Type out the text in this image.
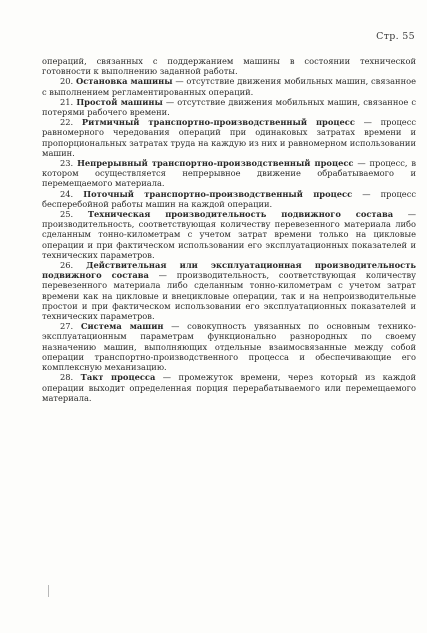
Стр. 55

операций, связанных с поддержанием машины в состоянии технической готовности к выполнению заданной работы.

20. Остановка машины — отсутствие движения мобильных машин, связанное с выполнением регламентированных операций.

21. Простой машины — отсутствие движения мобильных машин, связанное с потерями рабочего времени.

22. Ритмичный транспортно-производственный процесс — процесс равномерного чередования операций при одинаковых затратах времени и пропорциональных затратах труда на каждую из них и равномерном использовании машин.

23. Непрерывный транспортно-производственный процесс — процесс, в котором осуществляется непрерывное движение обрабатываемого и перемещаемого материала.

24. Поточный транспортно-производственный процесс — процесс бесперебойной работы машин на каждой операции.

25. Техническая производительность подвижного состава — производительность, соответствующая количеству перевезенного материала либо сделанным тонно-километрам с учетом затрат времени только на цикловые операции и при фактическом использовании его эксплуатационных показателей и технических параметров.

26. Действительная или эксплуатационная производительность подвижного состава — производительность, соответствующая количеству перевезенного материала либо сделанным тонно-километрам с учетом затрат времени как на цикловые и внецикловые операции, так и на непроизводительные простои и при фактическом использовании его эксплуатационных показателей и технических параметров.

27. Система машин — совокупность увязанных по основным технико-эксплуатационным параметрам функционально разнородных по своему назначению машин, выполняющих отдельные взаимосвязанные между собой операции транспортно-производственного процесса и обеспечивающие его комплексную механизацию.

28. Такт процесса — промежуток времени, через который из каждой операции выходит определенная порция перерабатываемого или перемещаемого материала.
